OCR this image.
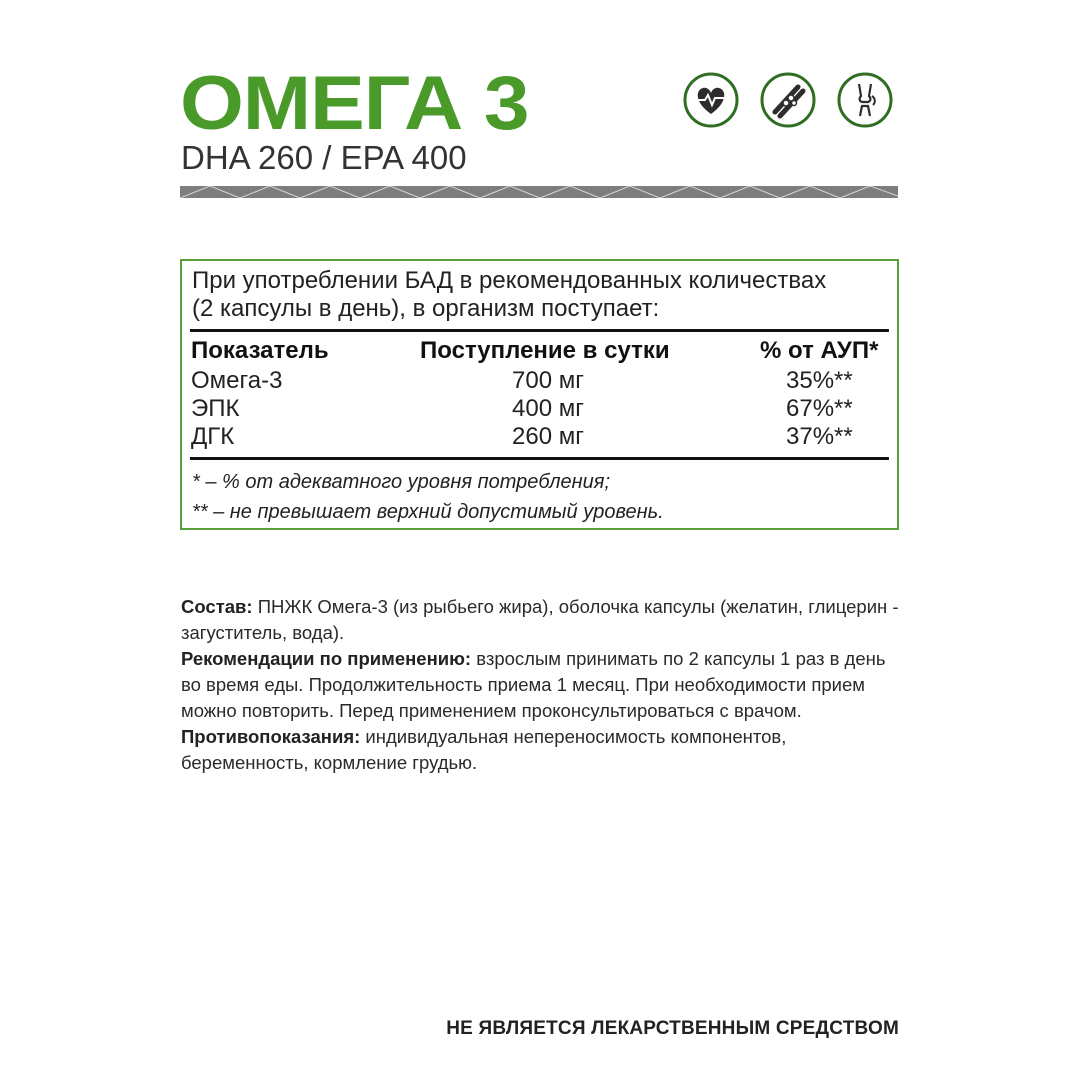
ОМЕГА 3
DHA 260 / EPA 400
При употреблении БАД в рекомендованных количествах
(2 капсулы в день), в организм поступает:
Показатель	Поступление в сутки	% от АУП*
Омега-3	700 мг	35%**
ЭПК	400 мг	67%**
ДГК	260 мг	37%**
* – % от адекватного уровня потребления;
** – не превышает верхний допустимый уровень.

Состав: ПНЖК Омега-3 (из рыбьего жира), оболочка капсулы (желатин, глицерин - загуститель, вода).

Рекомендации по применению: взрослым принимать по 2 капсулы 1 раз в день во время еды. Продолжительность приема 1 месяц. При необходимости прием можно повторить. Перед применением проконсультироваться с врачом.

Противопоказания: индивидуальная непереносимость компонентов, беременность, кормление грудью.

НЕ ЯВЛЯЕТСЯ ЛЕКАРСТВЕННЫМ СРЕДСТВОМ
